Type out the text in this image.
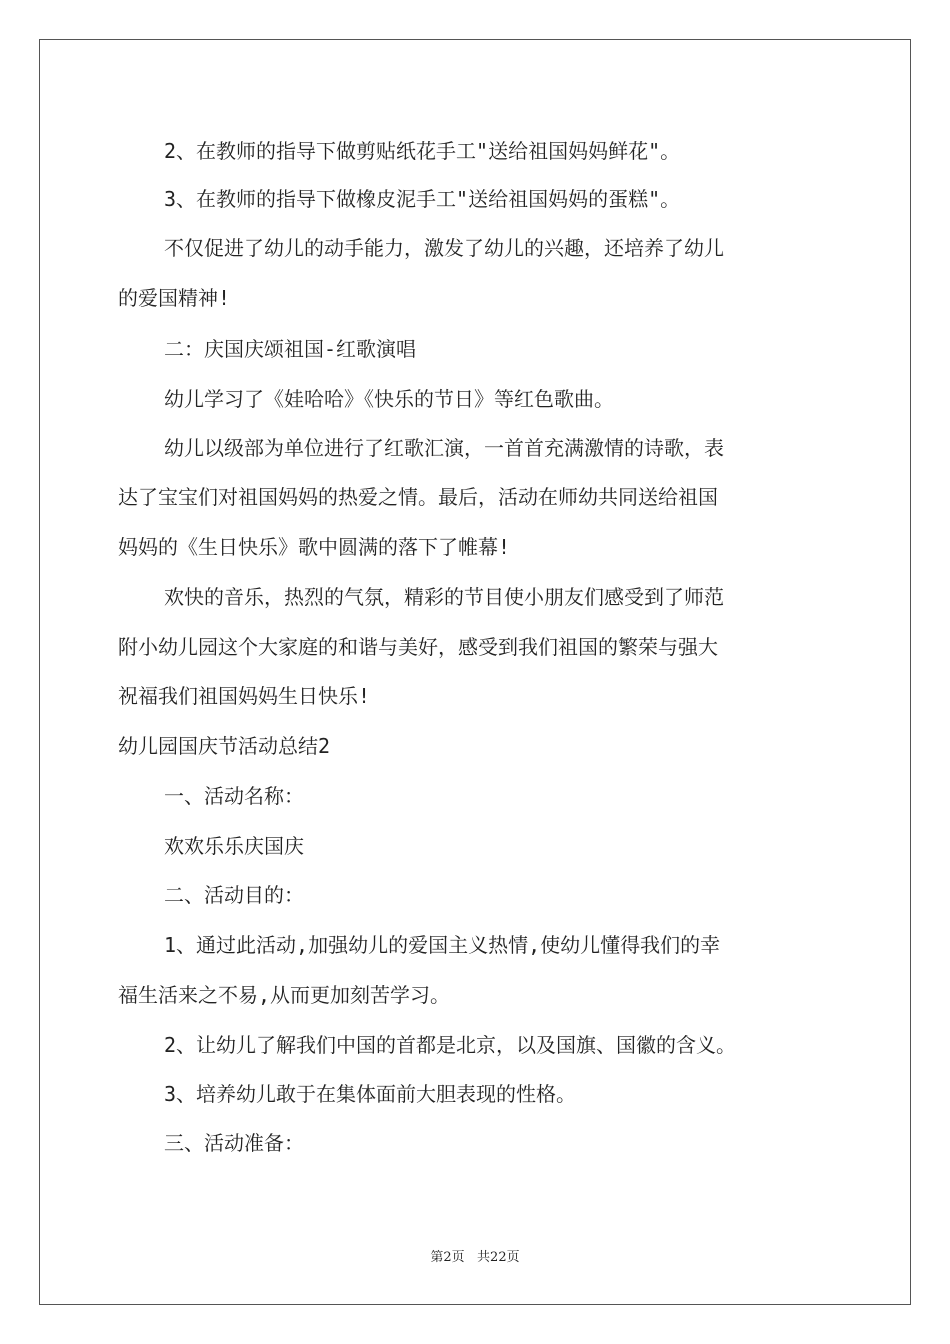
2、在教师的指导下做剪贴纸花手工"送给祖国妈妈鲜花"。
3、在教师的指导下做橡皮泥手工"送给祖国妈妈的蛋糕"。
不仅促进了幼儿的动手能力，激发了幼儿的兴趣，还培养了幼儿
的爱国精神!
二：庆国庆颂祖国-红歌演唱
幼儿学习了《娃哈哈》《快乐的节日》等红色歌曲。
幼儿以级部为单位进行了红歌汇演，一首首充满激情的诗歌，表
达了宝宝们对祖国妈妈的热爱之情。最后，活动在师幼共同送给祖国
妈妈的《生日快乐》歌中圆满的落下了帷幕!
欢快的音乐，热烈的气氛，精彩的节目使小朋友们感受到了师范
附小幼儿园这个大家庭的和谐与美好，感受到我们祖国的繁荣与强大
祝福我们祖国妈妈生日快乐!
幼儿园国庆节活动总结2
一、活动名称：
欢欢乐乐庆国庆
二、活动目的：
1、通过此活动,加强幼儿的爱国主义热情,使幼儿懂得我们的幸
福生活来之不易,从而更加刻苦学习。
2、让幼儿了解我们中国的首都是北京，以及国旗、国徽的含义。
3、培养幼儿敢于在集体面前大胆表现的性格。
三、活动准备：
第2页   共22页
